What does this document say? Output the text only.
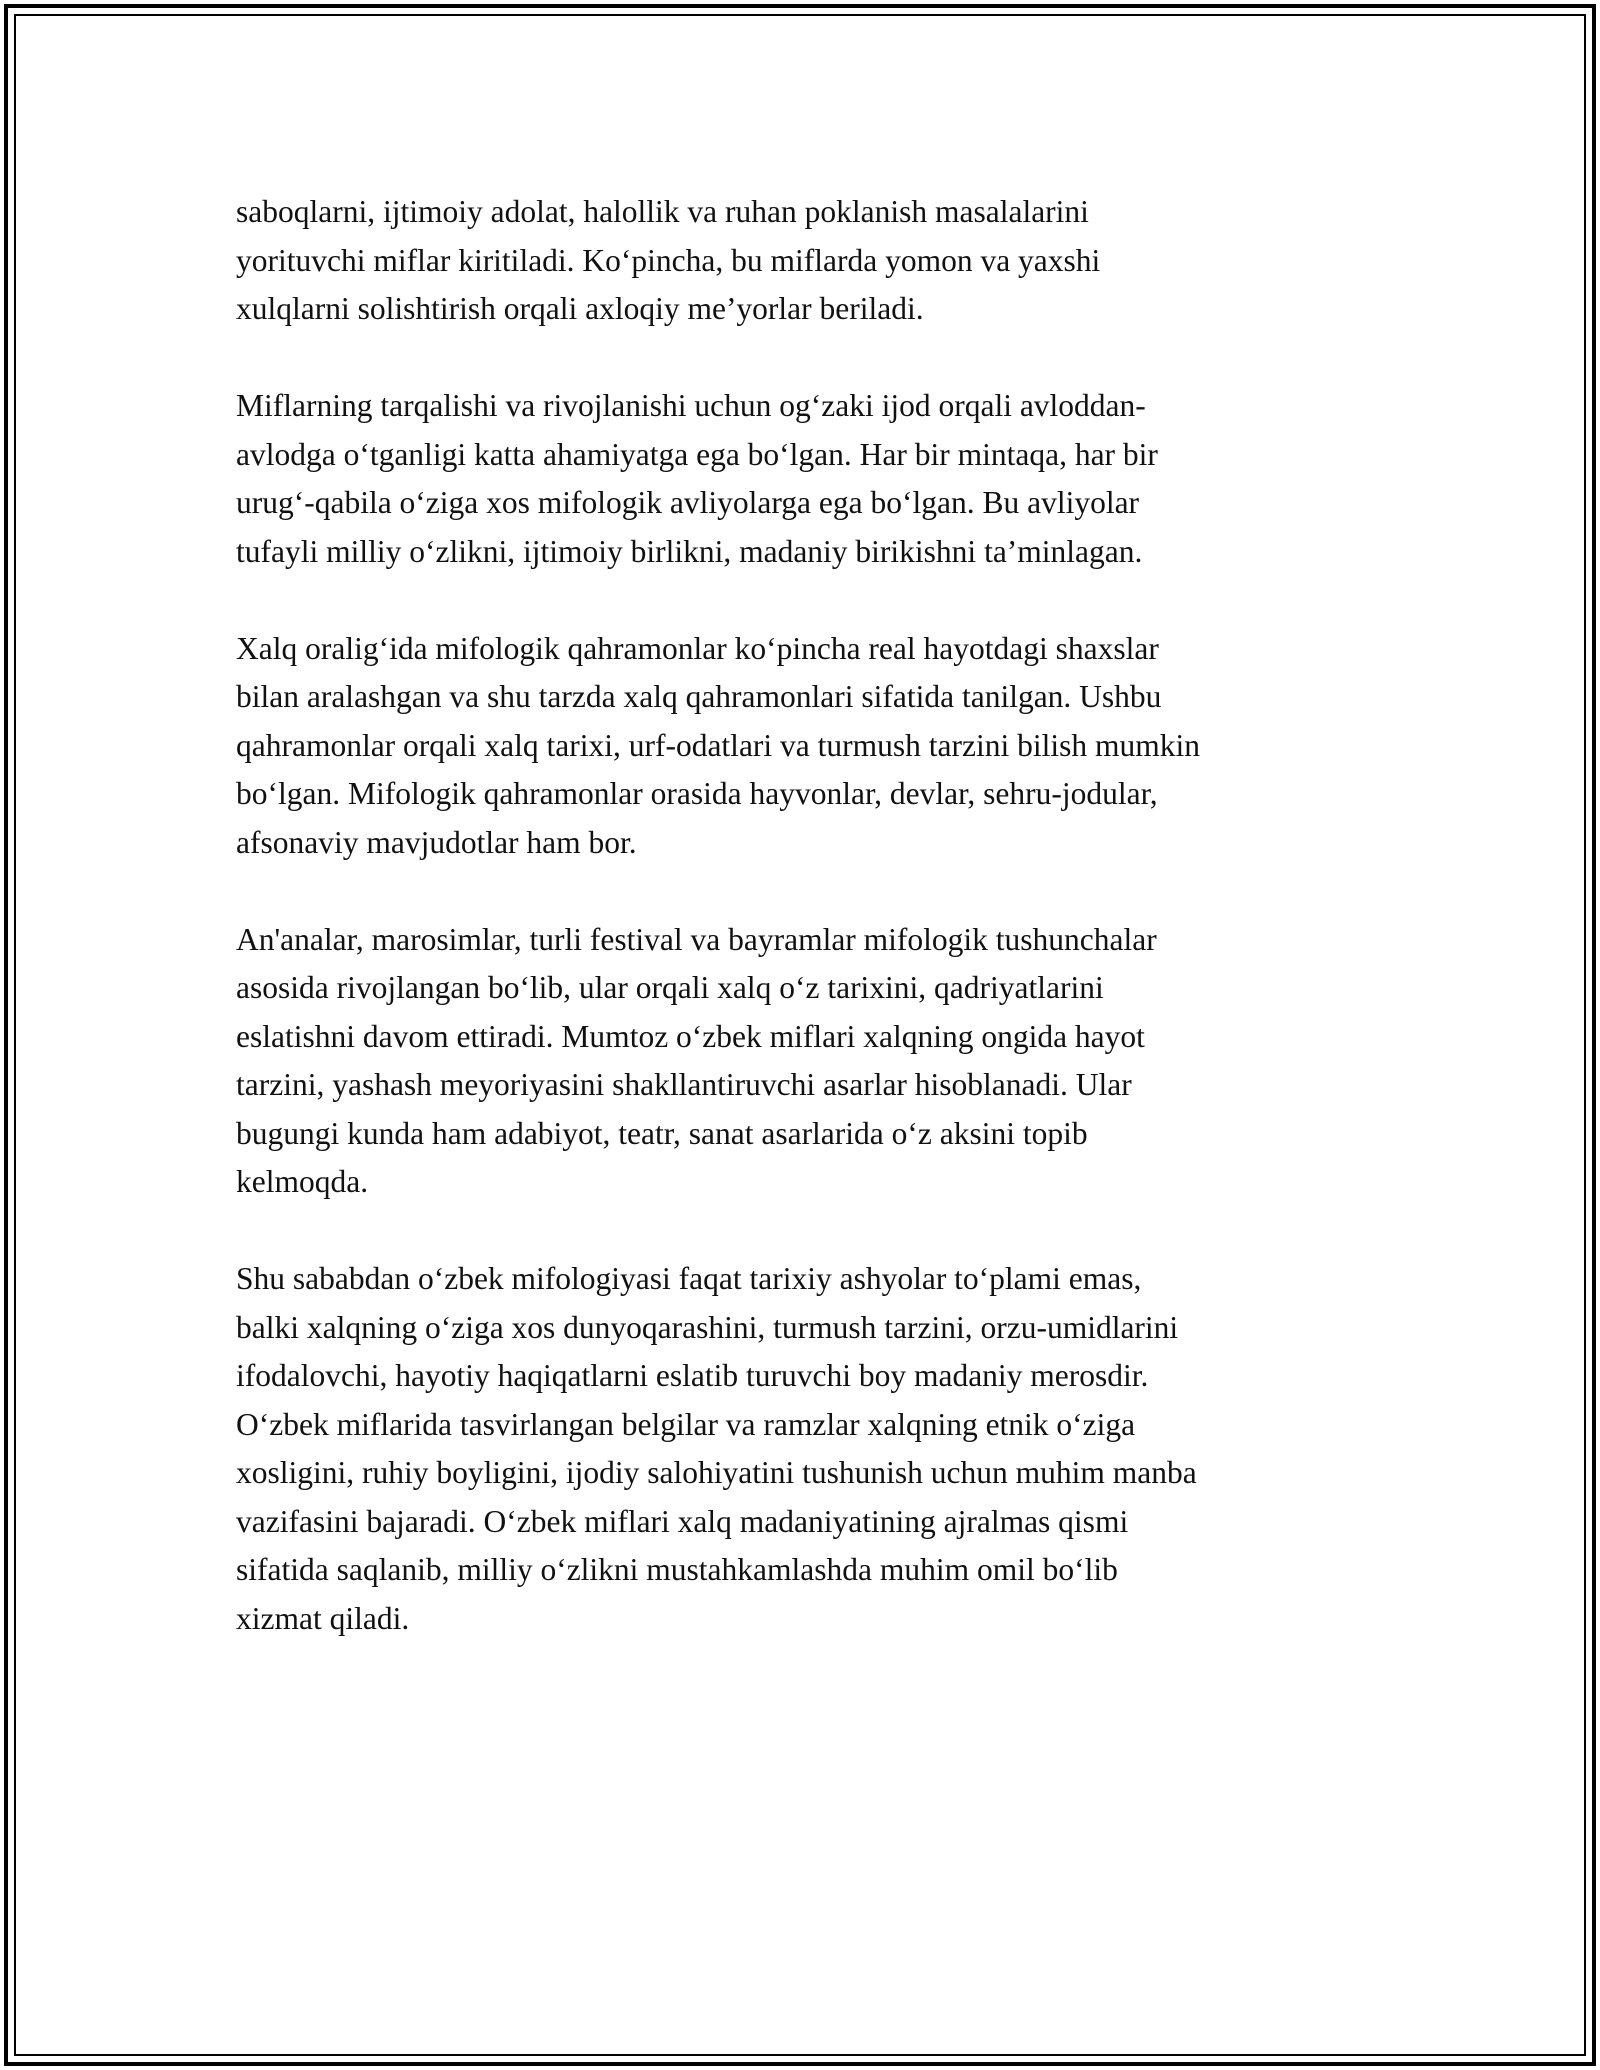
saboqlarni, ijtimoiy adolat, halollik va ruhan poklanish masalalarini
yorituvchi miflar kiritiladi. Ko‘pincha, bu miflarda yomon va yaxshi
xulqlarni solishtirish orqali axloqiy me’yorlar beriladi.

Miflarning tarqalishi va rivojlanishi uchun og‘zaki ijod orqali avloddan-
avlodga o‘tganligi katta ahamiyatga ega bo‘lgan. Har bir mintaqa, har bir
urug‘-qabila o‘ziga xos mifologik avliyolarga ega bo‘lgan. Bu avliyolar
tufayli milliy o‘zlikni, ijtimoiy birlikni, madaniy birikishni ta’minlagan.

Xalq oralig‘ida mifologik qahramonlar ko‘pincha real hayotdagi shaxslar
bilan aralashgan va shu tarzda xalq qahramonlari sifatida tanilgan. Ushbu
qahramonlar orqali xalq tarixi, urf-odatlari va turmush tarzini bilish mumkin
bo‘lgan. Mifologik qahramonlar orasida hayvonlar, devlar, sehru-jodular,
afsonaviy mavjudotlar ham bor.

An'analar, marosimlar, turli festival va bayramlar mifologik tushunchalar
asosida rivojlangan bo‘lib, ular orqali xalq o‘z tarixini, qadriyatlarini
eslatishni davom ettiradi. Mumtoz o‘zbek miflari xalqning ongida hayot
tarzini, yashash meyoriyasini shakllantiruvchi asarlar hisoblanadi. Ular
bugungi kunda ham adabiyot, teatr, sanat asarlarida o‘z aksini topib
kelmoqda.

Shu sababdan o‘zbek mifologiyasi faqat tarixiy ashyolar to‘plami emas,
balki xalqning o‘ziga xos dunyoqarashini, turmush tarzini, orzu-umidlarini
ifodalovchi, hayotiy haqiqatlarni eslatib turuvchi boy madaniy merosdir.
O‘zbek miflarida tasvirlangan belgilar va ramzlar xalqning etnik o‘ziga
xosligini, ruhiy boyligini, ijodiy salohiyatini tushunish uchun muhim manba
vazifasini bajaradi. O‘zbek miflari xalq madaniyatining ajralmas qismi
sifatida saqlanib, milliy o‘zlikni mustahkamlashda muhim omil bo‘lib
xizmat qiladi.
